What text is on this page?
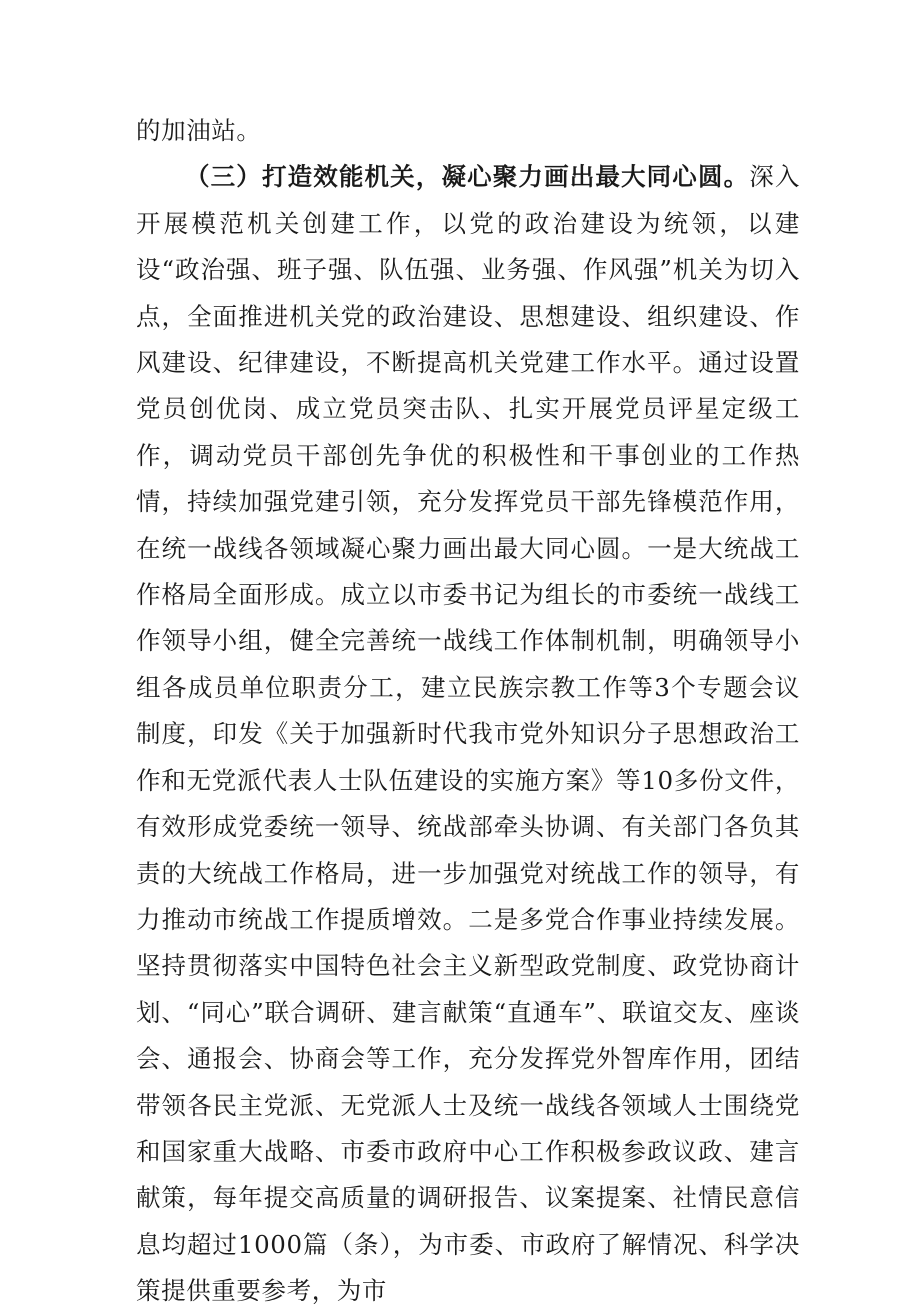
的加油站。

（三）打造效能机关，凝心聚力画出最大同心圆。深入开展模范机关创建工作，以党的政治建设为统领，以建设“政治强、班子强、队伍强、业务强、作风强”机关为切入点，全面推进机关党的政治建设、思想建设、组织建设、作风建设、纪律建设，不断提高机关党建工作水平。通过设置党员创优岗、成立党员突击队、扎实开展党员评星定级工作，调动党员干部创先争优的积极性和干事创业的工作热情，持续加强党建引领，充分发挥党员干部先锋模范作用，在统一战线各领域凝心聚力画出最大同心圆。一是大统战工作格局全面形成。成立以市委书记为组长的市委统一战线工作领导小组，健全完善统一战线工作体制机制，明确领导小组各成员单位职责分工，建立民族宗教工作等3个专题会议制度，印发《关于加强新时代我市党外知识分子思想政治工作和无党派代表人士队伍建设的实施方案》等10多份文件，有效形成党委统一领导、统战部牵头协调、有关部门各负其责的大统战工作格局，进一步加强党对统战工作的领导，有力推动市统战工作提质增效。二是多党合作事业持续发展。坚持贯彻落实中国特色社会主义新型政党制度、政党协商计划、“同心”联合调研、建言献策“直通车”、联谊交友、座谈会、通报会、协商会等工作，充分发挥党外智库作用，团结带领各民主党派、无党派人士及统一战线各领域人士围绕党和国家重大战略、市委市政府中心工作积极参政议政、建言献策，每年提交高质量的调研报告、议案提案、社情民意信息均超过1000篇（条），为市委、市政府了解情况、科学决策提供重要参考，为市
